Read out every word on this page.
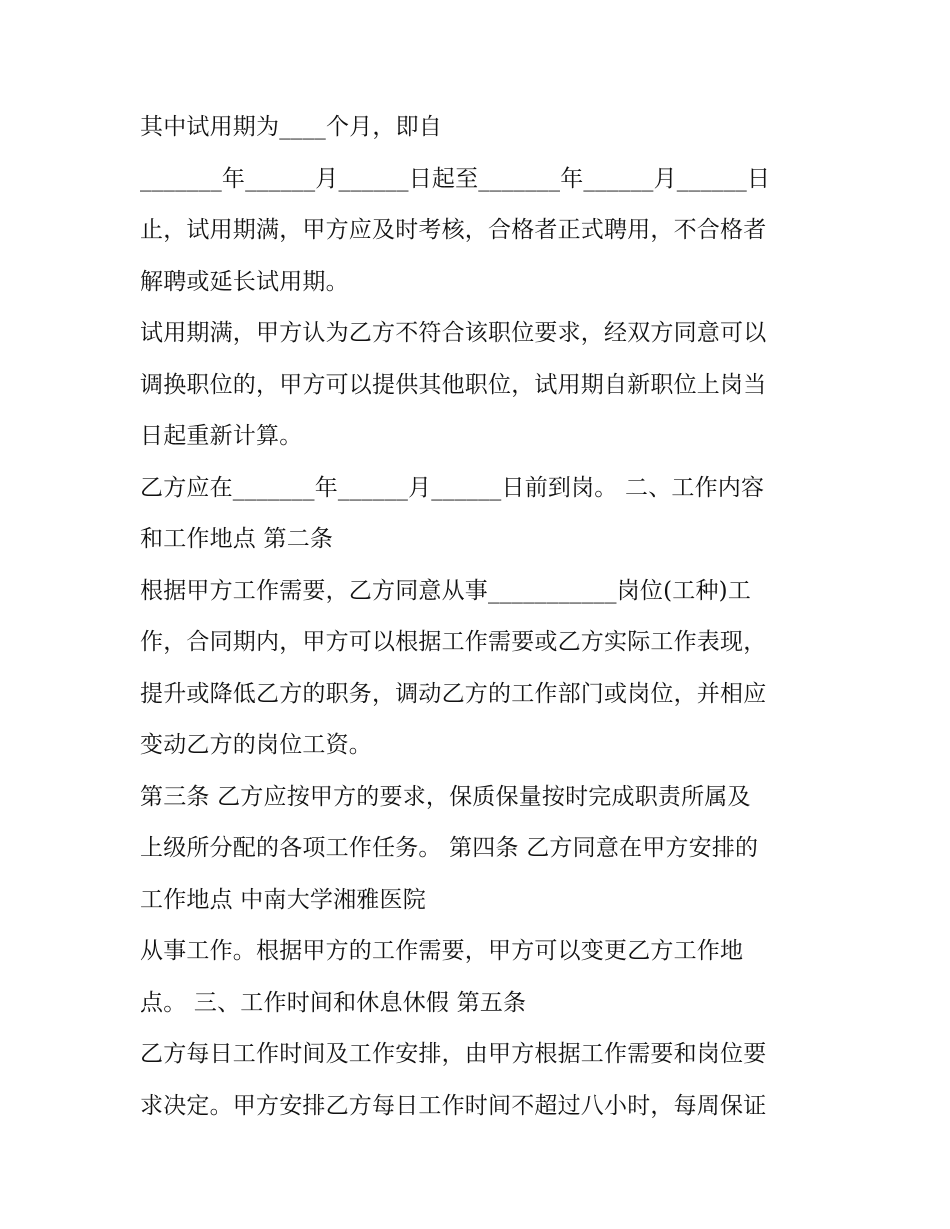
其中试用期为____个月，即自
_______年______月______日起至_______年______月______日
止，试用期满，甲方应及时考核，合格者正式聘用，不合格者
解聘或延长试用期。
试用期满，甲方认为乙方不符合该职位要求，经双方同意可以
调换职位的，甲方可以提供其他职位，试用期自新职位上岗当
日起重新计算。
乙方应在_______年______月______日前到岗。 二、工作内容
和工作地点 第二条
根据甲方工作需要，乙方同意从事___________岗位(工种)工
作，合同期内，甲方可以根据工作需要或乙方实际工作表现，
提升或降低乙方的职务，调动乙方的工作部门或岗位，并相应
变动乙方的岗位工资。
第三条 乙方应按甲方的要求，保质保量按时完成职责所属及
上级所分配的各项工作任务。 第四条 乙方同意在甲方安排的
工作地点 中南大学湘雅医院
从事工作。根据甲方的工作需要，甲方可以变更乙方工作地
点。 三、工作时间和休息休假 第五条
乙方每日工作时间及工作安排，由甲方根据工作需要和岗位要
求决定。甲方安排乙方每日工作时间不超过八小时，每周保证
